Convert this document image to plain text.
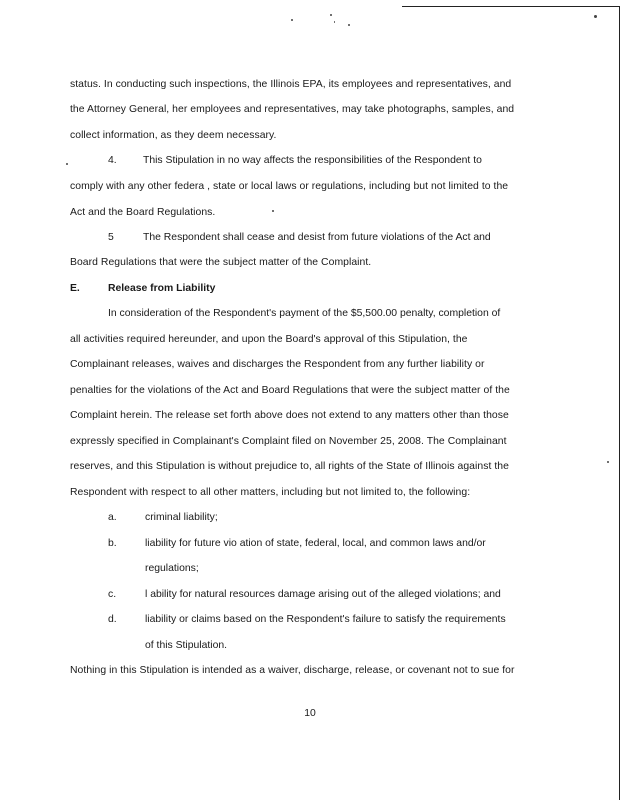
status. In conducting such inspections, the Illinois EPA, its employees and representatives, and
the Attorney General, her employees and representatives, may take photographs, samples, and
collect information, as they deem necessary.
4.	This Stipulation in no way affects the responsibilities of the Respondent to
comply with any other federa , state or local laws or regulations, including but not limited to the
Act and the Board Regulations.
5	The Respondent shall cease and desist from future violations of the Act and
Board Regulations that were the subject matter of the Complaint.
E.	Release from Liability
In consideration of the Respondent's payment of the $5,500.00 penalty, completion of
all activities required hereunder, and upon the Board's approval of this Stipulation, the
Complainant releases, waives and discharges the Respondent from any further liability or
penalties for the violations of the Act and Board Regulations that were the subject matter of the
Complaint herein. The release set forth above does not extend to any matters other than those
expressly specified in Complainant's Complaint filed on November 25, 2008. The Complainant
reserves, and this Stipulation is without prejudice to, all rights of the State of Illinois against the
Respondent with respect to all other matters, including but not limited to, the following:
a.	criminal liability;
b.	liability for future vio ation of state, federal, local, and common laws and/or
regulations;
c.	l ability for natural resources damage arising out of the alleged violations; and
d.	liability or claims based on the Respondent's failure to satisfy the requirements
of this Stipulation.
Nothing in this Stipulation is intended as a waiver, discharge, release, or covenant not to sue for
10
